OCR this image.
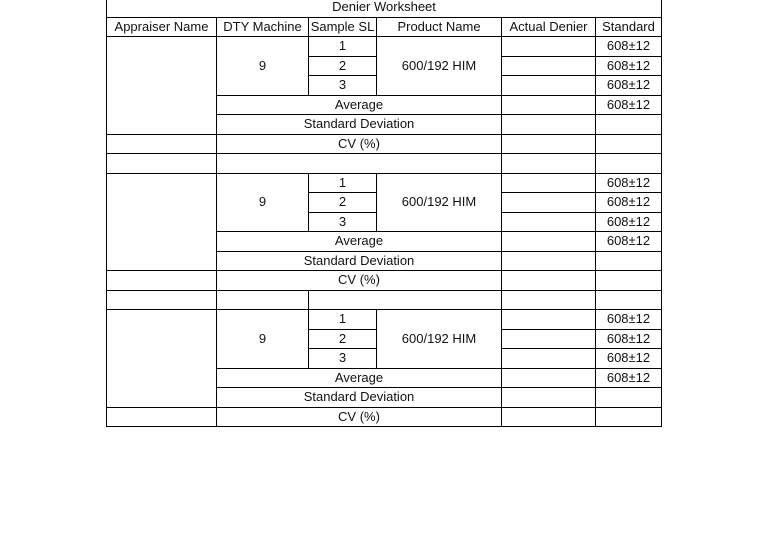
Denier Worksheet					
Appraiser Name	DTY Machine	Sample SL	Product Name	Actual Denier	Standard
	9	1	600/192 HIM		608±12
		2			608±12
		3			608±12
	Average				608±12
	Standard Deviation				
	CV (%)				

	9	1	600/192 HIM		608±12
		2			608±12
		3			608±12
	Average				608±12
	Standard Deviation				
	CV (%)				

	9	1	600/192 HIM		608±12
		2			608±12
		3			608±12
	Average				608±12
	Standard Deviation				
	CV (%)				
